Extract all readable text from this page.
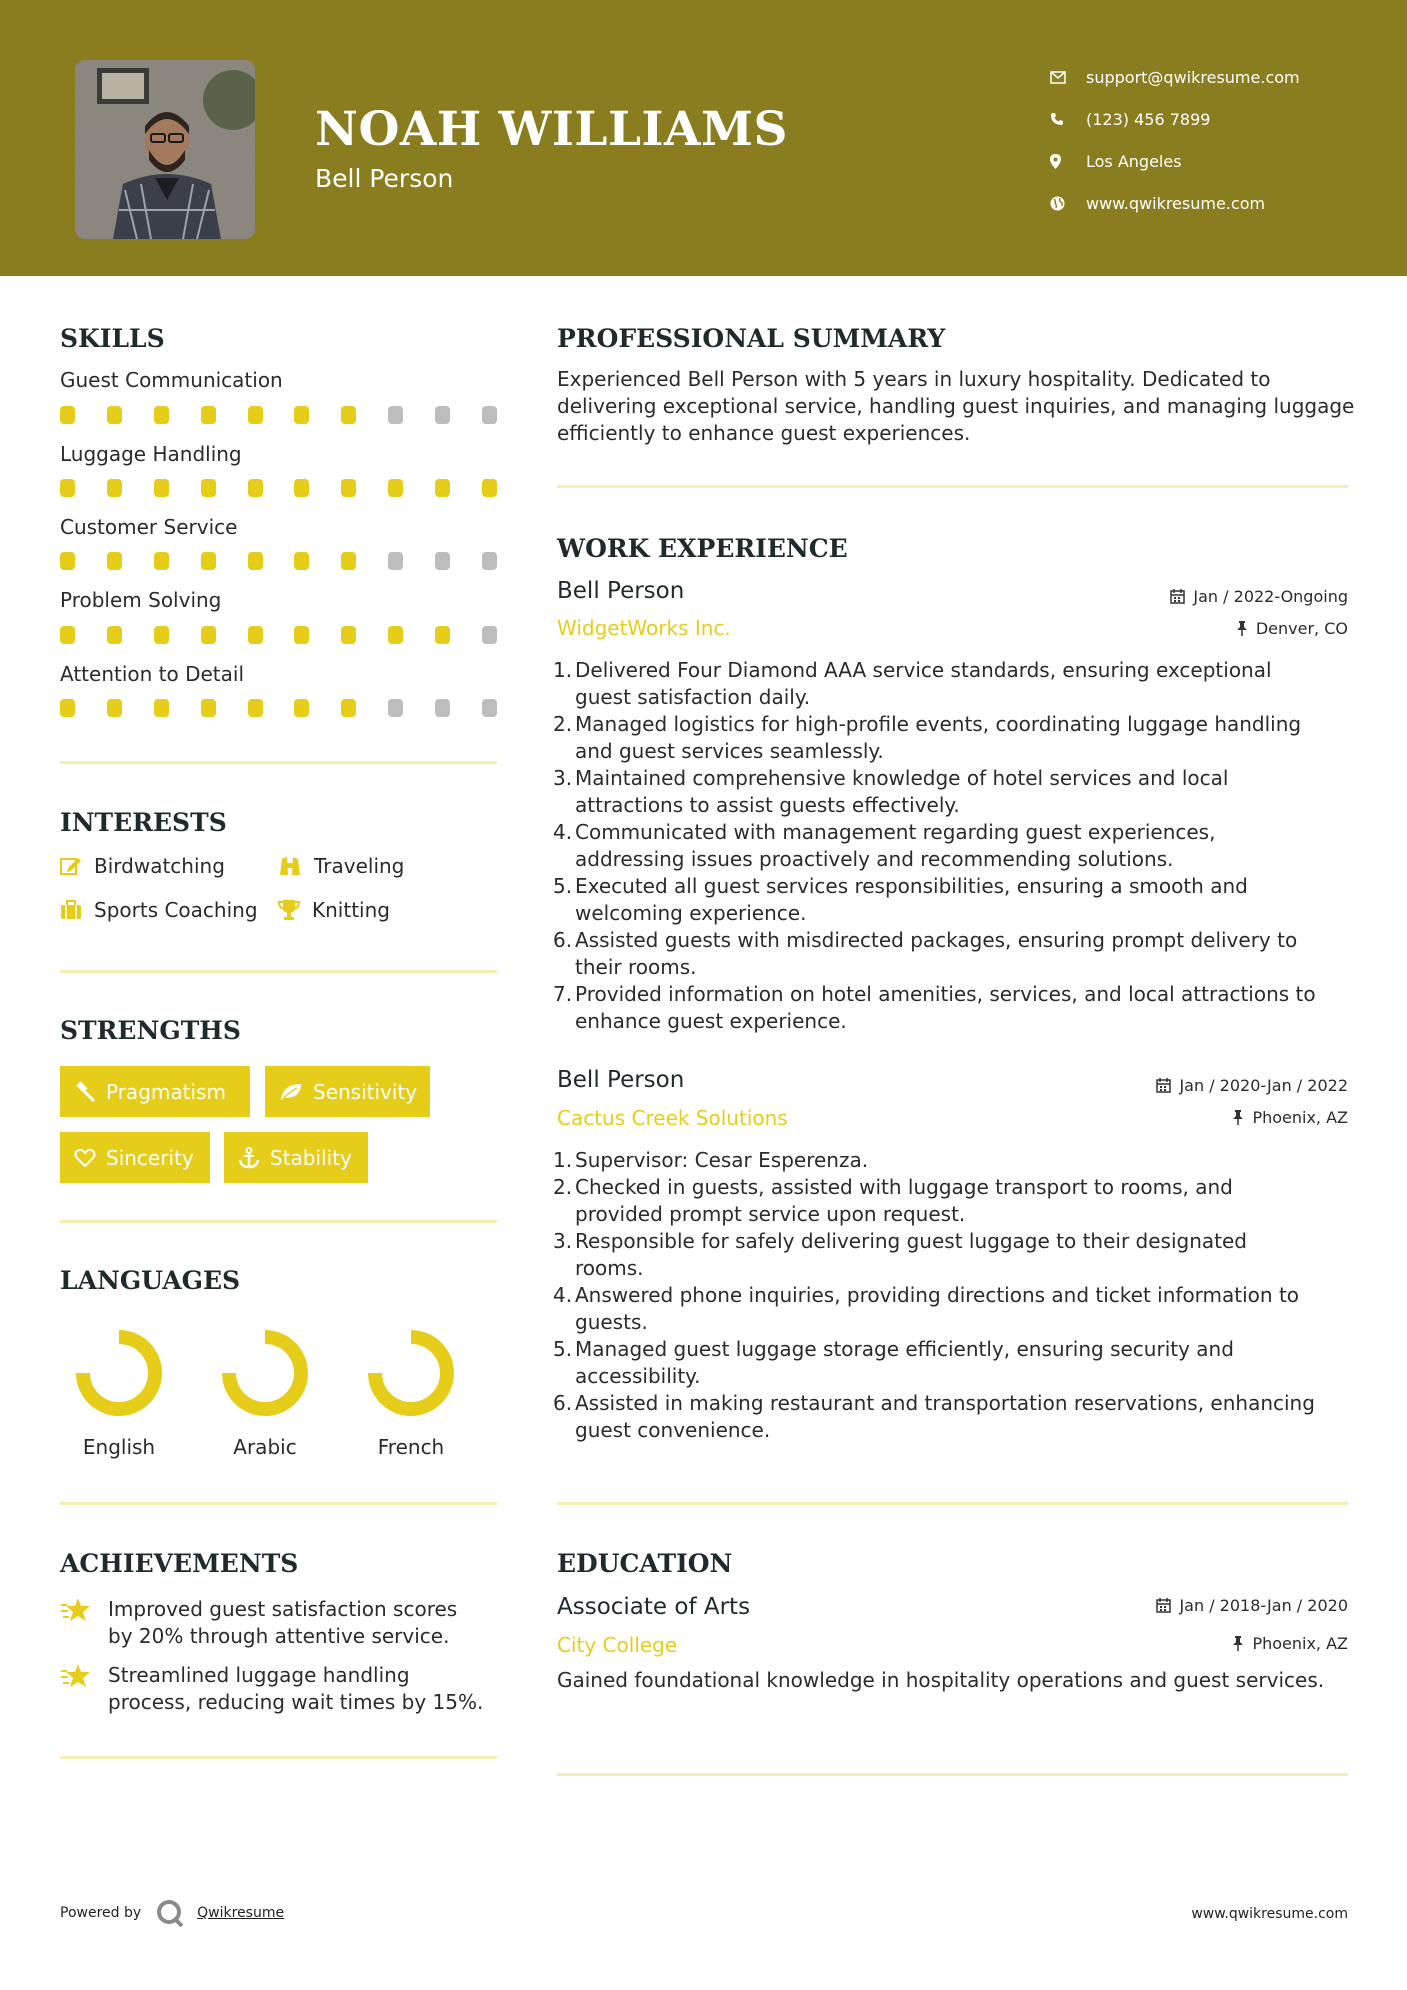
NOAH WILLIAMS
Bell Person
support@qwikresume.com
(123) 456 7899
Los Angeles
www.qwikresume.com
SKILLS
Guest Communication
Luggage Handling
Customer Service
Problem Solving
Attention to Detail
INTERESTS
Birdwatching	Traveling
Sports Coaching	Knitting
STRENGTHS
Pragmatism	Sensitivity
Sincerity	Stability
LANGUAGES
English	Arabic	French
ACHIEVEMENTS
Improved guest satisfaction scores
by 20% through attentive service.
Streamlined luggage handling
process, reducing wait times by 15%.
PROFESSIONAL SUMMARY
Experienced Bell Person with 5 years in luxury hospitality. Dedicated to delivering exceptional service, handling guest inquiries, and managing luggage efficiently to enhance guest experiences.
WORK EXPERIENCE
Bell Person	Jan / 2022-Ongoing
WidgetWorks Inc.	Denver, CO
1. Delivered Four Diamond AAA service standards, ensuring exceptional
guest satisfaction daily.
2. Managed logistics for high-profile events, coordinating luggage handling
and guest services seamlessly.
3. Maintained comprehensive knowledge of hotel services and local
attractions to assist guests effectively.
4. Communicated with management regarding guest experiences,
addressing issues proactively and recommending solutions.
5. Executed all guest services responsibilities, ensuring a smooth and
welcoming experience.
6. Assisted guests with misdirected packages, ensuring prompt delivery to
their rooms.
7. Provided information on hotel amenities, services, and local attractions to
enhance guest experience.
Bell Person	Jan / 2020-Jan / 2022
Cactus Creek Solutions	Phoenix, AZ
1. Supervisor: Cesar Esperenza.
2. Checked in guests, assisted with luggage transport to rooms, and
provided prompt service upon request.
3. Responsible for safely delivering guest luggage to their designated
rooms.
4. Answered phone inquiries, providing directions and ticket information to
guests.
5. Managed guest luggage storage efficiently, ensuring security and
accessibility.
6. Assisted in making restaurant and transportation reservations, enhancing
guest convenience.
EDUCATION
Associate of Arts	Jan / 2018-Jan / 2020
City College	Phoenix, AZ
Gained foundational knowledge in hospitality operations and guest services.
Powered by	Qwikresume	www.qwikresume.com
